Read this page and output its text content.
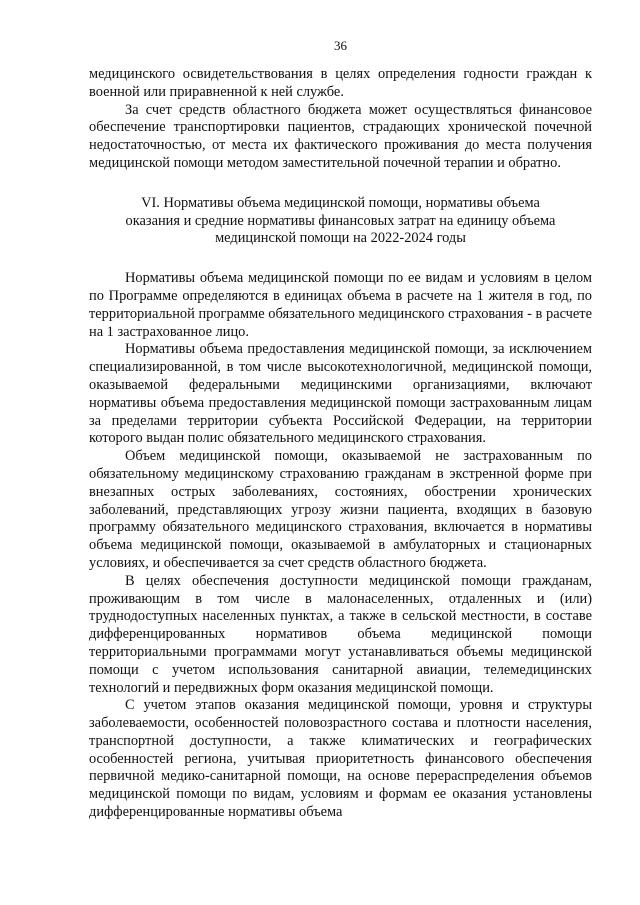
36

медицинского освидетельствования в целях определения годности граждан к военной или приравненной к ней службе.

За счет средств областного бюджета может осуществляться финансовое обеспечение транспортировки пациентов, страдающих хронической почечной недостаточностью, от места их фактического проживания до места получения медицинской помощи методом заместительной почечной терапии и обратно.

VI. Нормативы объема медицинской помощи, нормативы объема оказания и средние нормативы финансовых затрат на единицу объема медицинской помощи на 2022-2024 годы

Нормативы объема медицинской помощи по ее видам и условиям в целом по Программе определяются в единицах объема в расчете на 1 жителя в год, по территориальной программе обязательного медицинского страхования - в расчете на 1 застрахованное лицо.

Нормативы объема предоставления медицинской помощи, за исключением специализированной, в том числе высокотехнологичной, медицинской помощи, оказываемой федеральными медицинскими организациями, включают нормативы объема предоставления медицинской помощи застрахованным лицам за пределами территории субъекта Российской Федерации, на территории которого выдан полис обязательного медицинского страхования.

Объем медицинской помощи, оказываемой не застрахованным по обязательному медицинскому страхованию гражданам в экстренной форме при внезапных острых заболеваниях, состояниях, обострении хронических заболеваний, представляющих угрозу жизни пациента, входящих в базовую программу обязательного медицинского страхования, включается в нормативы объема медицинской помощи, оказываемой в амбулаторных и стационарных условиях, и обеспечивается за счет средств областного бюджета.

В целях обеспечения доступности медицинской помощи гражданам, проживающим в том числе в малонаселенных, отдаленных и (или) труднодоступных населенных пунктах, а также в сельской местности, в составе дифференцированных нормативов объема медицинской помощи территориальными программами могут устанавливаться объемы медицинской помощи с учетом использования санитарной авиации, телемедицинских технологий и передвижных форм оказания медицинской помощи.

С учетом этапов оказания медицинской помощи, уровня и структуры заболеваемости, особенностей половозрастного состава и плотности населения, транспортной доступности, а также климатических и географических особенностей региона, учитывая приоритетность финансового обеспечения первичной медико-санитарной помощи, на основе перераспределения объемов медицинской помощи по видам, условиям и формам ее оказания установлены дифференцированные нормативы объема
